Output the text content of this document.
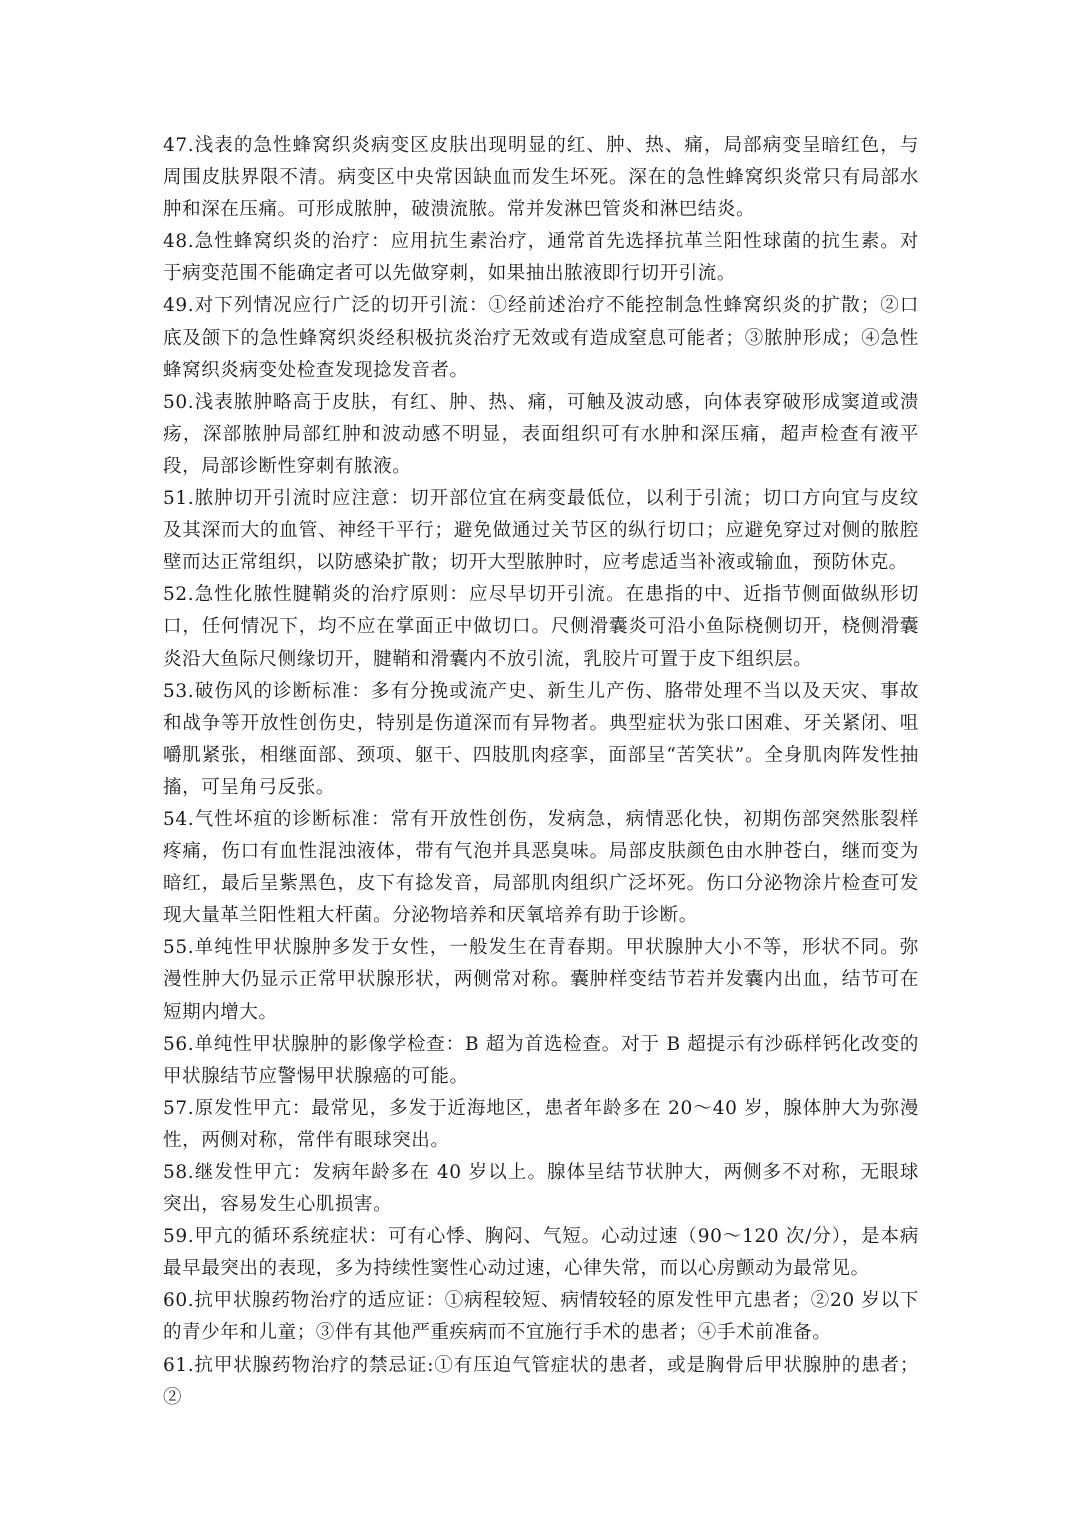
47.浅表的急性蜂窝织炎病变区皮肤出现明显的红、肿、热、痛，局部病变呈暗红色，与周围皮肤界限不清。病变区中央常因缺血而发生坏死。深在的急性蜂窝织炎常只有局部水肿和深在压痛。可形成脓肿，破溃流脓。常并发淋巴管炎和淋巴结炎。

48.急性蜂窝织炎的治疗：应用抗生素治疗，通常首先选择抗革兰阳性球菌的抗生素。对于病变范围不能确定者可以先做穿刺，如果抽出脓液即行切开引流。

49.对下列情况应行广泛的切开引流：①经前述治疗不能控制急性蜂窝织炎的扩散；②口底及颌下的急性蜂窝织炎经积极抗炎治疗无效或有造成窒息可能者；③脓肿形成；④急性蜂窝织炎病变处检查发现捻发音者。

50.浅表脓肿略高于皮肤，有红、肿、热、痛，可触及波动感，向体表穿破形成窦道或溃疡，深部脓肿局部红肿和波动感不明显，表面组织可有水肿和深压痛，超声检查有液平段，局部诊断性穿刺有脓液。

51.脓肿切开引流时应注意：切开部位宜在病变最低位，以利于引流；切口方向宜与皮纹及其深而大的血管、神经干平行；避免做通过关节区的纵行切口；应避免穿过对侧的脓腔壁而达正常组织，以防感染扩散；切开大型脓肿时，应考虑适当补液或输血，预防休克。

52.急性化脓性腱鞘炎的治疗原则：应尽早切开引流。在患指的中、近指节侧面做纵形切口，任何情况下，均不应在掌面正中做切口。尺侧滑囊炎可沿小鱼际桡侧切开，桡侧滑囊炎沿大鱼际尺侧缘切开，腱鞘和滑囊内不放引流，乳胶片可置于皮下组织层。

53.破伤风的诊断标准：多有分挽或流产史、新生儿产伤、胳带处理不当以及天灾、事故和战争等开放性创伤史，特别是伤道深而有异物者。典型症状为张口困难、牙关紧闭、咀嚼肌紧张，相继面部、颈项、躯干、四肢肌肉痉挛，面部呈“苦笑状”。全身肌肉阵发性抽搐，可呈角弓反张。

54.气性坏疽的诊断标准：常有开放性创伤，发病急，病情恶化快，初期伤部突然胀裂样疼痛，伤口有血性混浊液体，带有气泡并具恶臭味。局部皮肤颜色由水肿苍白，继而变为暗红，最后呈紫黑色，皮下有捻发音，局部肌肉组织广泛坏死。伤口分泌物涂片检查可发现大量革兰阳性粗大杆菌。分泌物培养和厌氧培养有助于诊断。

55.单纯性甲状腺肿多发于女性，一般发生在青春期。甲状腺肿大小不等，形状不同。弥漫性肿大仍显示正常甲状腺形状，两侧常对称。囊肿样变结节若并发囊内出血，结节可在短期内增大。

56.单纯性甲状腺肿的影像学检查：B 超为首选检查。对于 B 超提示有沙砾样钙化改变的甲状腺结节应警惕甲状腺癌的可能。

57.原发性甲亢：最常见，多发于近海地区，患者年龄多在 20～40 岁，腺体肿大为弥漫性，两侧对称，常伴有眼球突出。

58.继发性甲亢：发病年龄多在 40 岁以上。腺体呈结节状肿大，两侧多不对称，无眼球突出，容易发生心肌损害。

59.甲亢的循环系统症状：可有心悸、胸闷、气短。心动过速（90～120 次/分），是本病最早最突出的表现，多为持续性窦性心动过速，心律失常，而以心房颤动为最常见。

60.抗甲状腺药物治疗的适应证：①病程较短、病情较轻的原发性甲亢患者；②20 岁以下的青少年和儿童；③伴有其他严重疾病而不宜施行手术的患者；④手术前准备。

61.抗甲状腺药物治疗的禁忌证:①有压迫气管症状的患者，或是胸骨后甲状腺肿的患者；②
